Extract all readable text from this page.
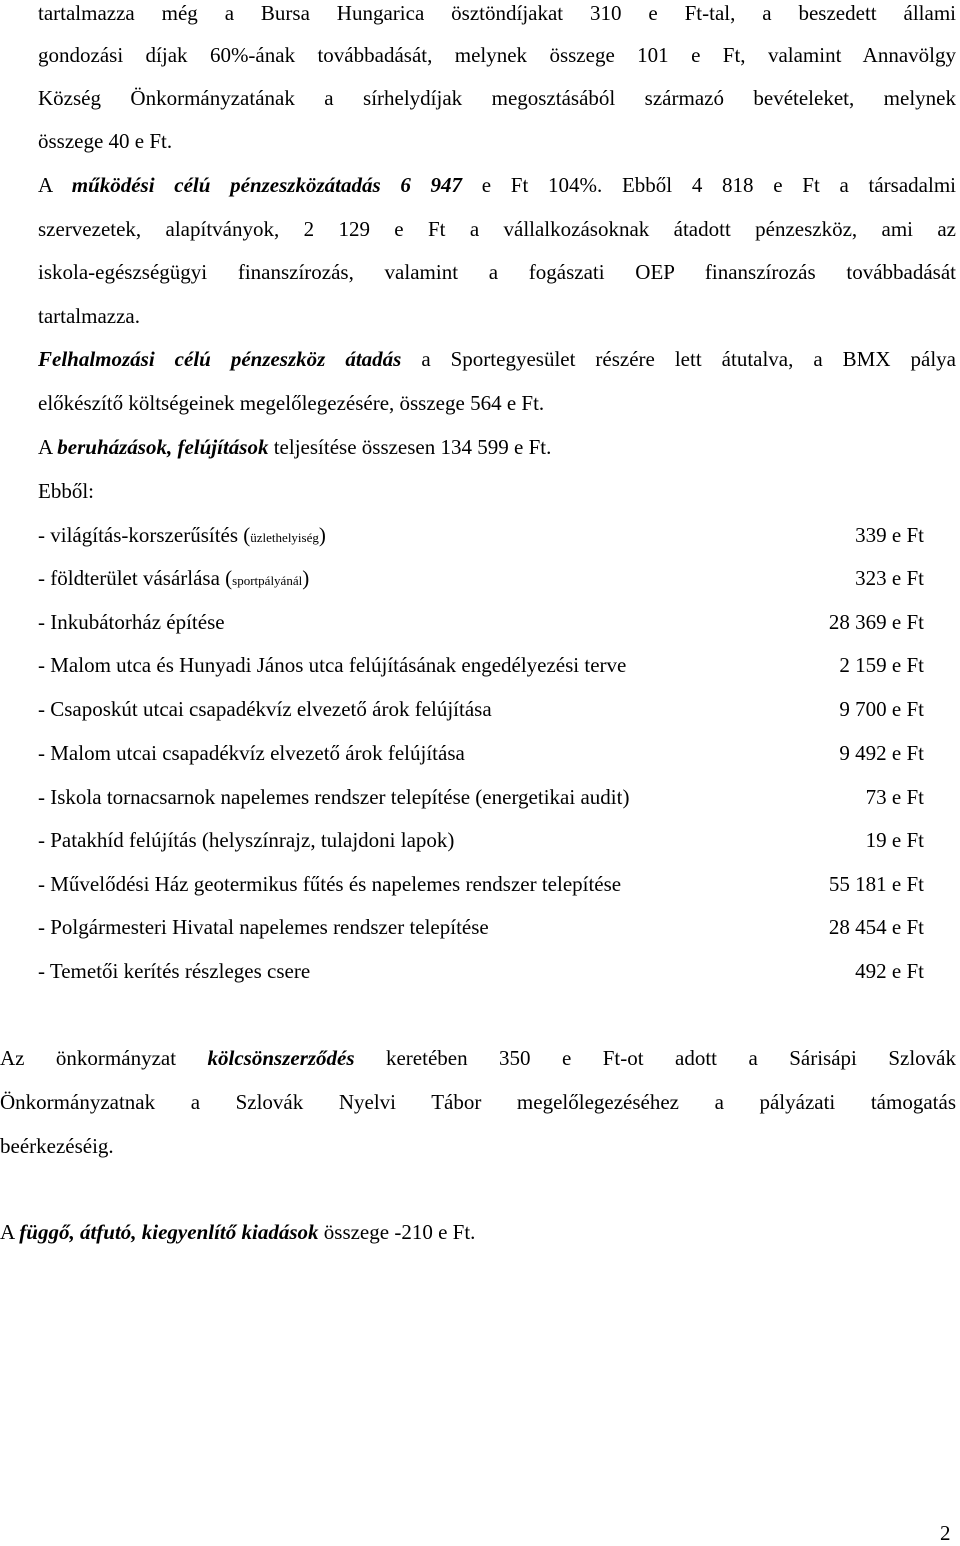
tartalmazza még a Bursa Hungarica ösztöndíjakat 310 e Ft-tal, a beszedett állami
gondozási díjak 60%-ának továbbadását, melynek összege 101 e Ft, valamint Annavölgy
Község Önkormányzatának a sírhelydíjak megosztásából származó bevételeket, melynek
összege 40 e Ft.
A működési célú pénzeszközátadás 6 947 e Ft 104%. Ebből 4 818 e Ft a társadalmi
szervezetek, alapítványok, 2 129 e Ft a vállalkozásoknak átadott pénzeszköz, ami az
iskola-egészségügyi finanszírozás, valamint a fogászati OEP finanszírozás továbbadását
tartalmazza.
Felhalmozási célú pénzeszköz átadás a Sportegyesület részére lett átutalva, a BMX pálya
előkészítő költségeinek megelőlegezésére, összege 564 e Ft.
A beruházások, felújítások teljesítése összesen 134 599 e Ft.
Ebből:
- világítás-korszerűsítés (üzlethelyiség)	339 e Ft
- földterület vásárlása (sportpályánál)	323 e Ft
- Inkubátorház építése	28 369 e Ft
- Malom utca és Hunyadi János utca felújításának engedélyezési terve	2 159 e Ft
- Csaposkút utcai csapadékvíz elvezető árok felújítása	9 700 e Ft
- Malom utcai csapadékvíz elvezető árok felújítása	9 492 e Ft
- Iskola tornacsarnok napelemes rendszer telepítése (energetikai audit)	73 e Ft
- Patakhíd felújítás (helyszínrajz, tulajdoni lapok)	19 e Ft
- Művelődési Ház geotermikus fűtés és napelemes rendszer telepítése	55 181 e Ft
- Polgármesteri Hivatal napelemes rendszer telepítése	28 454 e Ft
- Temetői kerítés részleges csere	492 e Ft
Az önkormányzat kölcsönszerződés keretében 350 e Ft-ot adott a Sárisápi Szlovák
Önkormányzatnak a Szlovák Nyelvi Tábor megelőlegezéséhez a pályázati támogatás
beérkezéséig.
A függő, átfutó, kiegyenlítő kiadások összege -210 e Ft.
2
